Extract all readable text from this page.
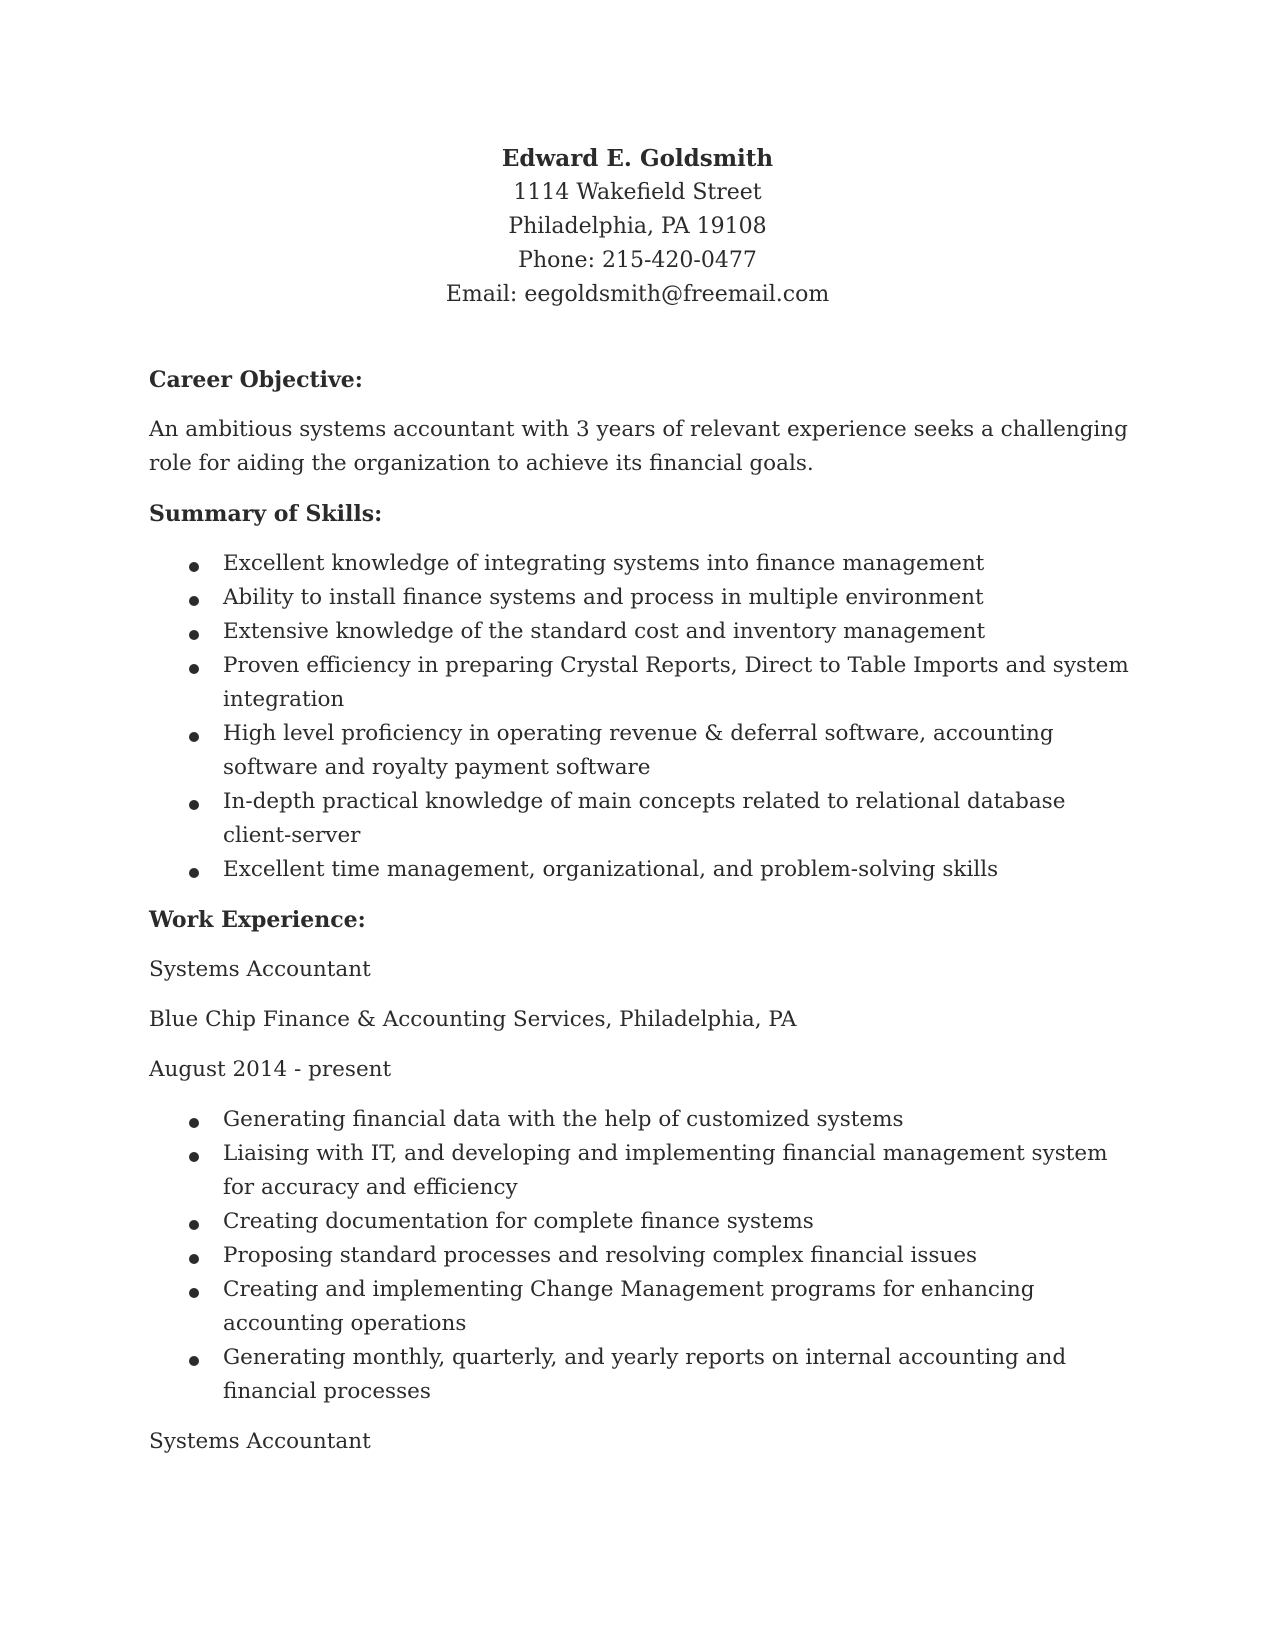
Edward E. Goldsmith
1114 Wakefield Street
Philadelphia, PA 19108
Phone: 215-420-0477
Email: eegoldsmith@freemail.com

Career Objective:

An ambitious systems accountant with 3 years of relevant experience seeks a challenging role for aiding the organization to achieve its financial goals.

Summary of Skills:

Excellent knowledge of integrating systems into finance management
Ability to install finance systems and process in multiple environment
Extensive knowledge of the standard cost and inventory management
Proven efficiency in preparing Crystal Reports, Direct to Table Imports and system integration
High level proficiency in operating revenue & deferral software, accounting software and royalty payment software
In-depth practical knowledge of main concepts related to relational database client-server
Excellent time management, organizational, and problem-solving skills

Work Experience:

Systems Accountant

Blue Chip Finance & Accounting Services, Philadelphia, PA

August 2014 - present

Generating financial data with the help of customized systems
Liaising with IT, and developing and implementing financial management system for accuracy and efficiency
Creating documentation for complete finance systems
Proposing standard processes and resolving complex financial issues
Creating and implementing Change Management programs for enhancing accounting operations
Generating monthly, quarterly, and yearly reports on internal accounting and financial processes

Systems Accountant
